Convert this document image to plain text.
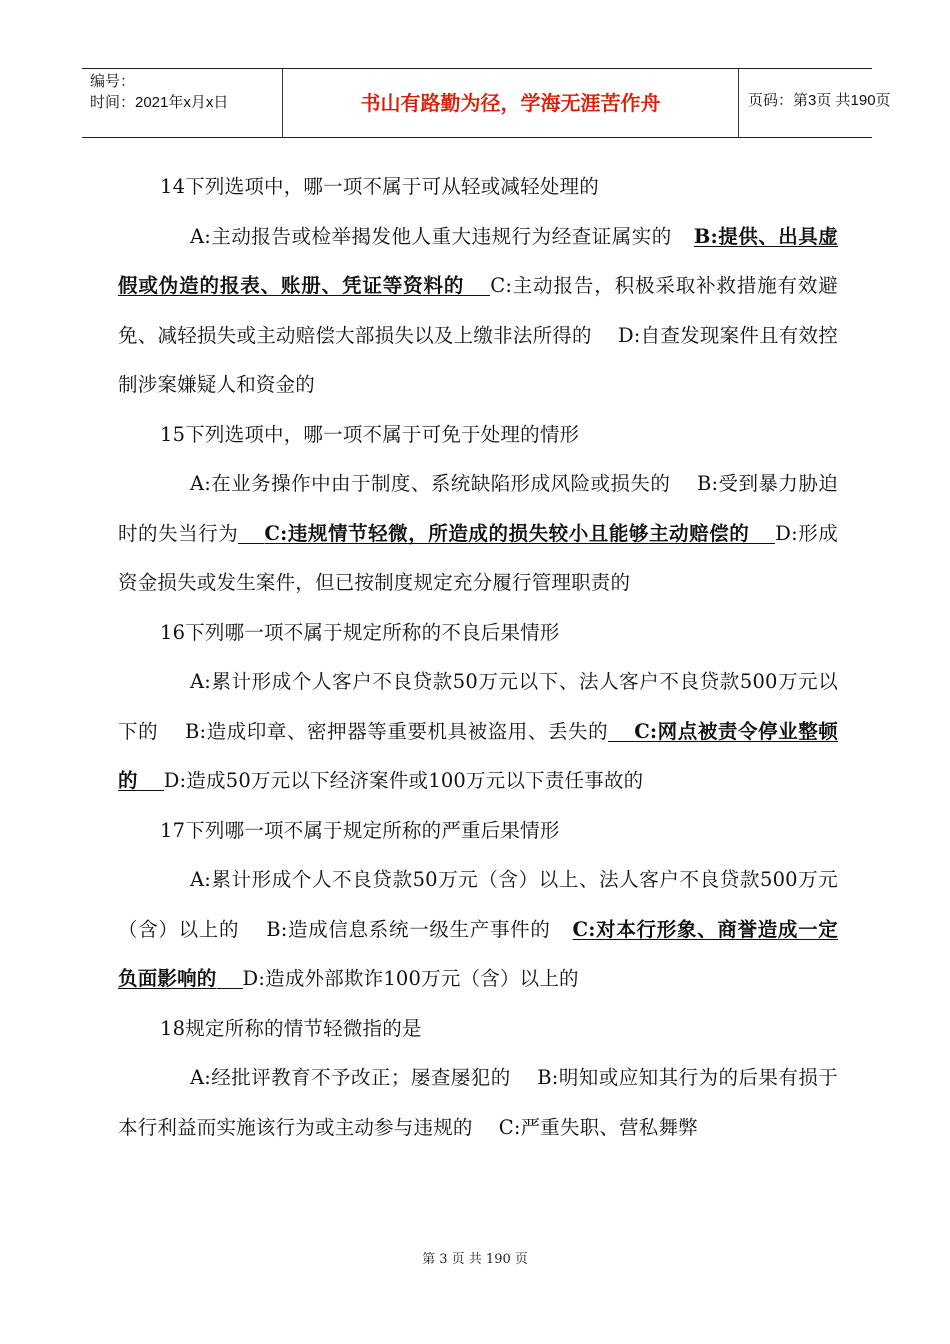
编号：
时间：2021年x月x日	书山有路勤为径，学海无涯苦作舟	页码：第3页 共190页

14下列选项中，哪一项不属于可从轻或减轻处理的

A:主动报告或检举揭发他人重大违规行为经查证属实的 B:提供、出具虚假或伪造的报表、账册、凭证等资料的 C:主动报告，积极采取补救措施有效避免、减轻损失或主动赔偿大部损失以及上缴非法所得的　 D:自查发现案件且有效控制涉案嫌疑人和资金的

15下列选项中，哪一项不属于可免于处理的情形

A:在业务操作中由于制度、系统缺陷形成风险或损失的　 B:受到暴力胁迫时的失当行为 C:违规情节轻微，所造成的损失较小且能够主动赔偿的 D:形成资金损失或发生案件，但已按制度规定充分履行管理职责的

16下列哪一项不属于规定所称的不良后果情形

A:累计形成个人客户不良贷款50万元以下、法人客户不良贷款500万元以下的　 B:造成印章、密押器等重要机具被盗用、丢失的 C:网点被责令停业整顿的 D:造成50万元以下经济案件或100万元以下责任事故的

17下列哪一项不属于规定所称的严重后果情形

A:累计形成个人不良贷款50万元（含）以上、法人客户不良贷款500万元（含）以上的　 B:造成信息系统一级生产事件的 C:对本行形象、商誉造成一定负面影响的 D:造成外部欺诈100万元（含）以上的

18规定所称的情节轻微指的是

A:经批评教育不予改正；屡查屡犯的　 B:明知或应知其行为的后果有损于本行利益而实施该行为或主动参与违规的　 C:严重失职、营私舞弊

第 3 页 共 190 页
